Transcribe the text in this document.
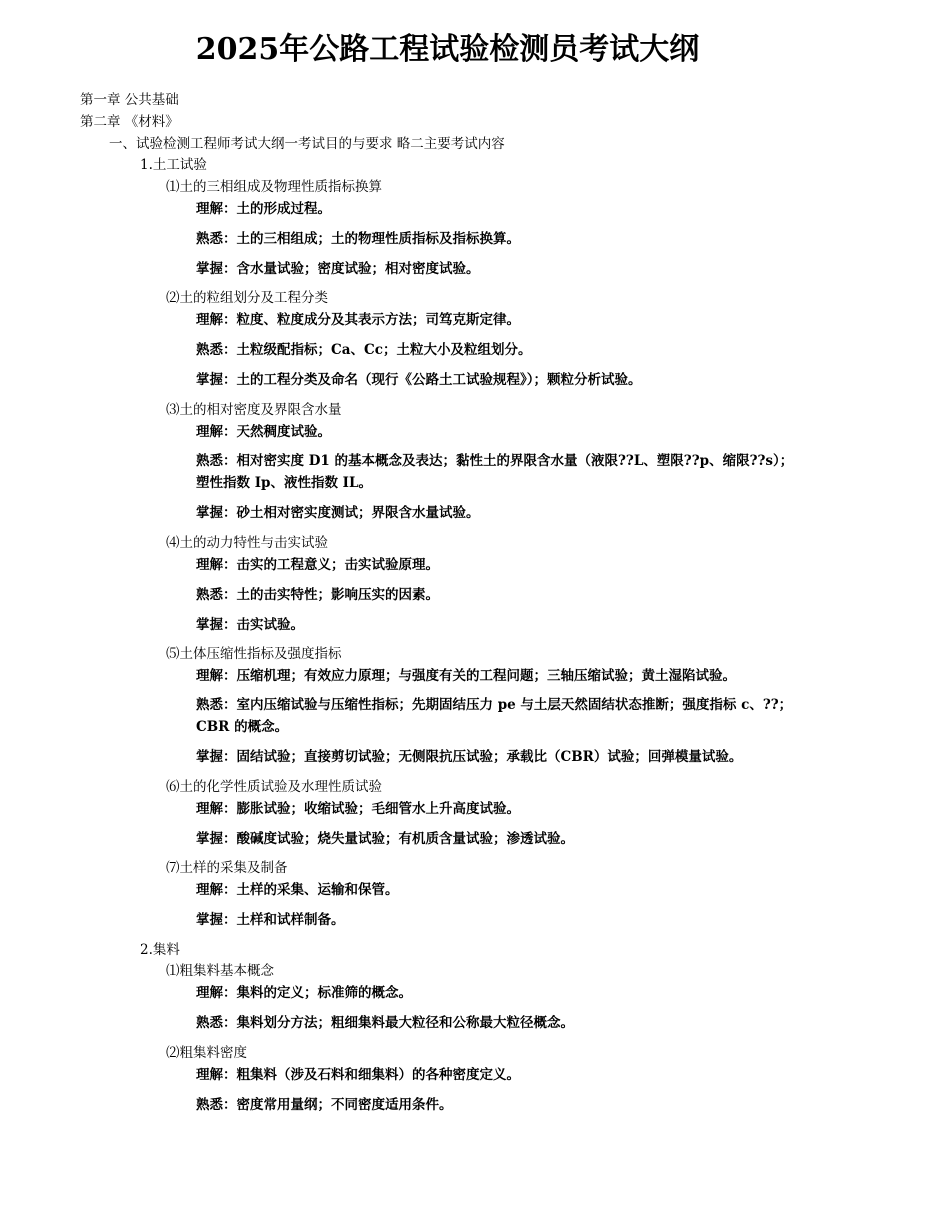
2025年公路工程试验检测员考试大纲
第一章 公共基础
第二章 《材料》
一、试验检测工程师考试大纲一考试目的与要求 略二主要考试内容
1.土工试验
⑴土的三相组成及物理性质指标换算
理解：土的形成过程。
熟悉：土的三相组成；土的物理性质指标及指标换算。
掌握：含水量试验；密度试验；相对密度试验。
⑵土的粒组划分及工程分类
理解：粒度、粒度成分及其表示方法；司笃克斯定律。
熟悉：土粒级配指标；Ca、Cc；土粒大小及粒组划分。
掌握：土的工程分类及命名（现行《公路土工试验规程》）；颗粒分析试验。
⑶土的相对密度及界限含水量
理解：天然稠度试验。
熟悉：相对密实度 D1 的基本概念及表达；黏性土的界限含水量（液限??L、塑限??p、缩限??s）；
塑性指数 Ip、液性指数 IL。
掌握：砂土相对密实度测试；界限含水量试验。
⑷土的动力特性与击实试验
理解：击实的工程意义；击实试验原理。
熟悉：土的击实特性；影响压实的因素。
掌握：击实试验。
⑸土体压缩性指标及强度指标
理解：压缩机理；有效应力原理；与强度有关的工程问题；三轴压缩试验；黄土湿陷试验。
熟悉：室内压缩试验与压缩性指标；先期固结压力 pe 与土层天然固结状态推断；强度指标 c、??；
CBR 的概念。
掌握：固结试验；直接剪切试验；无侧限抗压试验；承载比（CBR）试验；回弹模量试验。
⑹土的化学性质试验及水理性质试验
理解：膨胀试验；收缩试验；毛细管水上升高度试验。
掌握：酸碱度试验；烧失量试验；有机质含量试验；渗透试验。
⑺土样的采集及制备
理解：土样的采集、运输和保管。
掌握：土样和试样制备。
2.集料
⑴粗集料基本概念
理解：集料的定义；标准筛的概念。
熟悉：集料划分方法；粗细集料最大粒径和公称最大粒径概念。
⑵粗集料密度
理解：粗集料（涉及石料和细集料）的各种密度定义。
熟悉：密度常用量纲；不同密度适用条件。
